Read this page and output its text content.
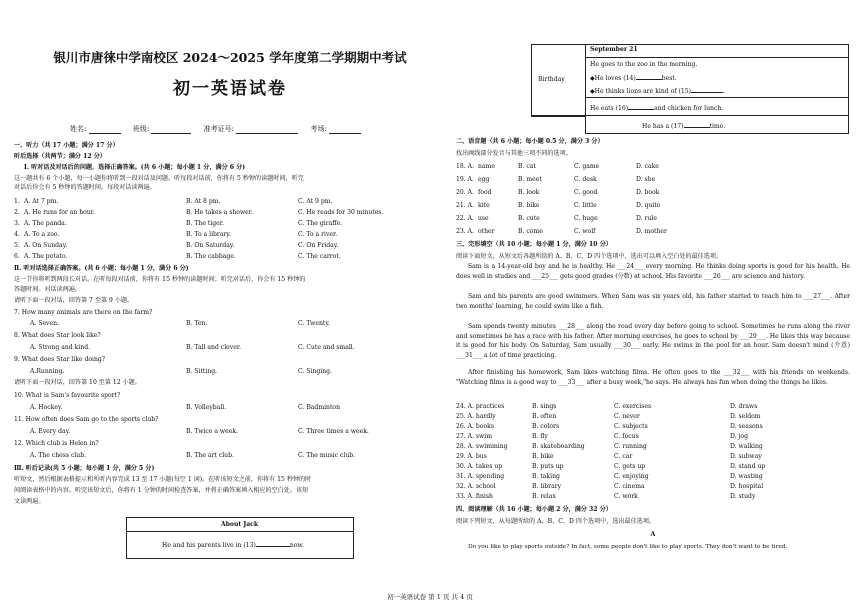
银川市唐徕中学南校区 2024～2025 学年度第二学期期中考试
初一英语试卷
姓名:	班级:	准考证号:	考场:
一、听力（共 17 小题；满分 17 分）
听后选择（共两节；满分 12 分）
Ⅰ. 听对话及对话后的问题，选择正确答案。(共 6 小题；每小题 1 分，满分 6 分)
这一题共有 6 个小题，每一小题你将听到一段对话及问题。听每段对话前，你将有 5 秒钟的读题时间，听完
对话后你会有 5 秒钟的答题时间。每段对话读两遍。
1. A. At 7 pm.	B. At 8 pm.	C. At 9 pm.
2. A. He runs for an hour.	B. He takes a shower.	C. He reads for 30 minutes.
3. A. The panda.	B. The tiger.	C. The giraffe.
4. A. To a zoo.	B. To a library.	C. To a river.
5. A. On Sunday.	B. On Saturday.	C. On Friday.
6. A. The potato.	B. The cabbage.	C. The carrot.
Ⅱ. 听对话选择正确答案。(共 6 小题；每小题 1 分，满分 6 分)
这一节你将听到两段长对话。在听每段对话前，你将有 15 秒钟的读题时间；听完对话后，你会有 15 秒钟的
答题时间。对话读两遍。
请听下面一段对话，回答第 7 至第 9 小题。
7. How many animals are there on the farm?
A. Seven.	B. Ten.	C. Twenty.
8. What does Star look like?
A. Strong and kind.	B. Tall and clever.	C. Cute and small.
9. What does Star like doing?
A.Running.	B. Sitting.	C. Singing.
请听下面一段对话，回答第 10 至第 12 小题。
10. What is Sam's favourite sport?
A. Hockey.	B. Volleyball.	C. Badminton
11. How often does Sam go to the sports club?
A. Every day.	B. Twice a week.	C. Three times a week.
12. Which club is Helen in?
A. The chess club.	B. The art club.	C. The music club.
Ⅲ. 听后记录(共 5 小题；每小题 1 分，满分 5 分)
听短文，然后根据表格提示和所听内容完成 13 至 17 小题(每空 1 词)。在听该短文之前，你将有 15 秒钟的时
间阅读表格中的内容。听完该短文后，你将有 1 分钟的时间检查答案，并将正确答案填入相应的空白处。该短
文读两遍。
About Jack
He and his parents live in (13)	now.
September 21
Birthday
He goes to the zoo in the morning.
◆He loves (14)	best.
◆He thinks lions are kind of (15)	.
He eats (16)	and chicken for lunch.
He has a (17)	time.
二、语音题（共 6 小题；每小题 0.5 分，满分 3 分）
找出画线部分发音与其他三项不同的选项。
18. A. name	B. cat	C. game	D. cake
19. A. egg	B. meet	C. desk	D. she
20. A. food	B. look	C. good	D. book
21. A. kite	B. bike	C. little	D. quite
22. A. use	B. cute	C. huge	D. rule
23. A. other	B. come	C. wolf	D. mother
三、完形填空（共 10 小题；每小题 1 分，满分 10 分）
阅读下面短文，从短文后各题所给的 A、B、C、D 四个选项中，选出可以填入空白处的最佳选项。
Sam is a 14-year-old boy and he is healthy. He ___24___ every morning. He thinks doing sports is good for his health. He does well in studies and ___25___ gets good grades (分数) at school. His favorite ___26___ are science and history.
Sam and his parents are good swimmers. When Sam was six years old, his father started to teach him to ___27___. After two months' learning, he could swim like a fish.
Sam spends twenty minutes ___28___ along the road every day before going to school. Sometimes he runs along the river and sometimes he has a race with his father. After morning exercises, he goes to school by ___29___. He likes this way because it is good for his body. On Saturday, Sam usually ___30___ early. He swims in the pool for an hour. Sam doesn't mind (介意) ___31___ a lot of time practicing.
After finishing his homework, Sam likes watching films. He often goes to the ___32___ with his friends on weekends. "Watching films is a good way to ___33___ after a busy week,"he says. He always has fun when doing the things he likes.
24. A. practices	B. sings	C. exercises	D. draws
25. A. hardly	B. often	C. never	D. seldom
26. A. books	B. colors	C. subjects	D. seasons
27. A. swim	B. fly	C. focus	D. jog
28. A. swimming	B. skateboarding	C. running	D. walking
29. A. bus	B. bike	C. car	D. subway
30. A. takes up	B. puts up	C. gets up	D. stand up
31. A. spending	B. taking	C. enjoying	D. wasting
32. A. school	B. library	C. cinema	D. hospital
33. A. finish	B. relax	C. work	D. study
四、阅读理解（共 16 小题；每小题 2 分，满分 32 分）
阅读下列短文，从每题所给的 A、B、C、D 四个选项中，选出最佳选项。
A
Do you like to play sports outside? In fact, some people don't like to play sports. They don't want to be tired.
初一英语试卷 第 1 页 共 4 页
